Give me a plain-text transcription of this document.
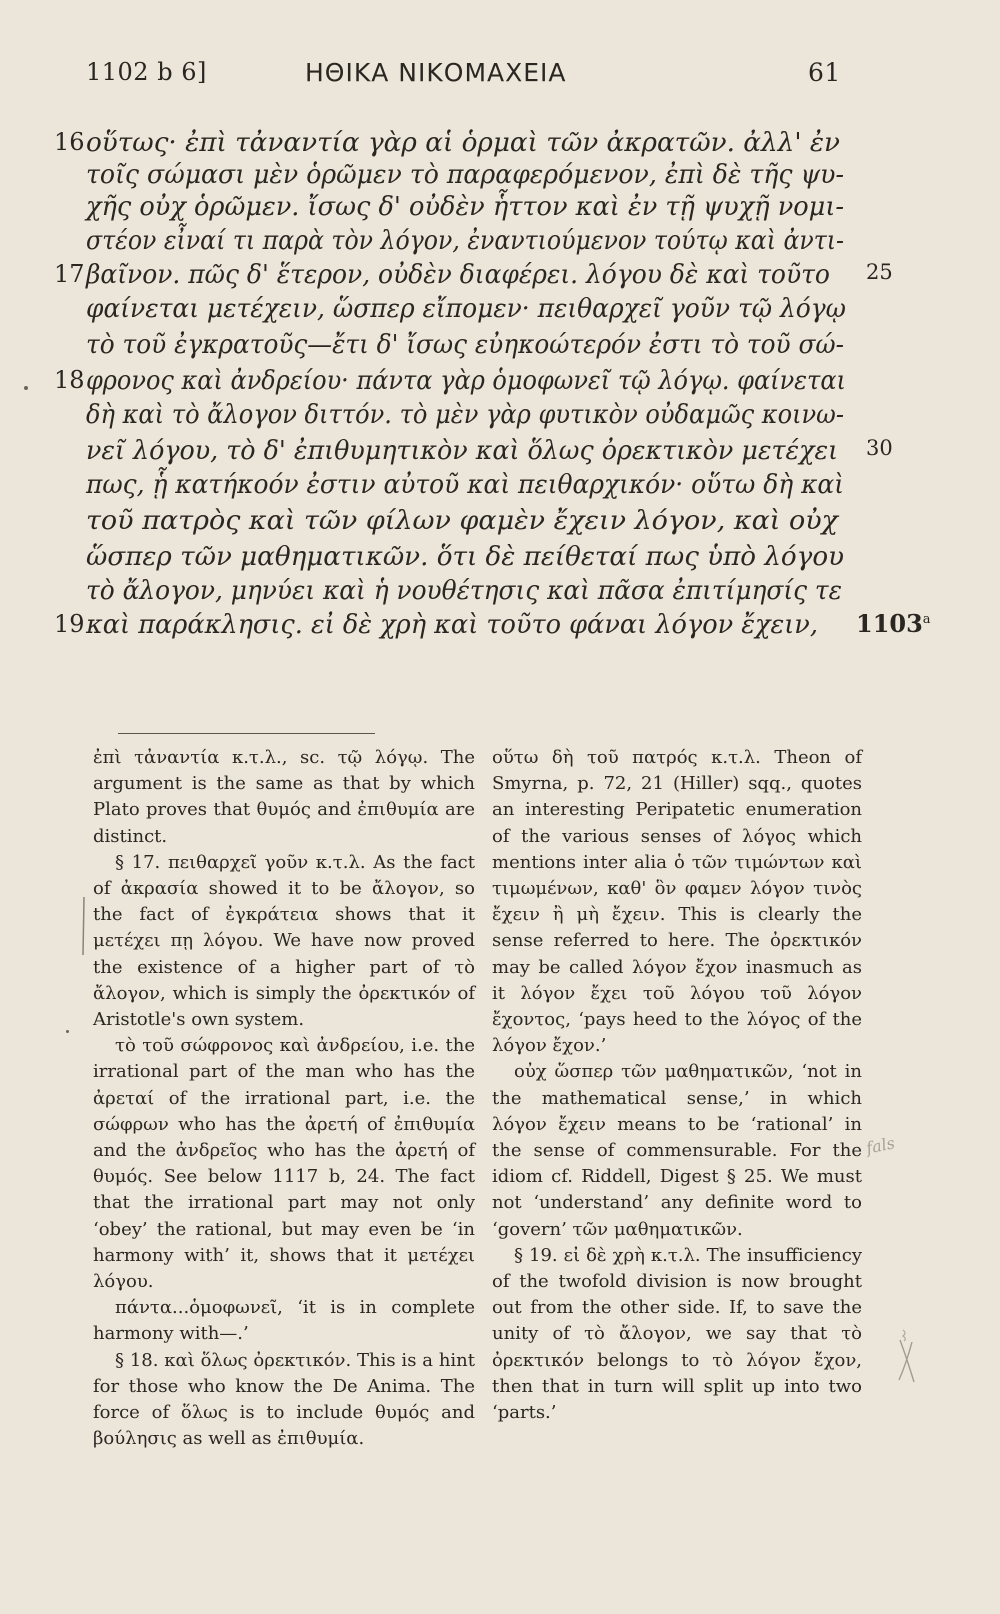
1102 b 6]	ΗΘΙΚΑ ΝΙΚΟΜΑΧΕΙΑ	61
16 οὕτως· ἐπὶ τἀναντία γὰρ αἱ ὁρμαὶ τῶν ἀκρατῶν. ἀλλ' ἐν
τοῖς σώμασι μὲν ὁρῶμεν τὸ παραφερόμενον, ἐπὶ δὲ τῆς ψυ-
χῆς οὐχ ὁρῶμεν. ἴσως δ' οὐδὲν ἧττον καὶ ἐν τῇ ψυχῇ νομι-
στέον εἶναί τι παρὰ τὸν λόγον, ἐναντιούμενον τούτῳ καὶ ἀντι-
17 βαῖνον. πῶς δ' ἕτερον, οὐδὲν διαφέρει. λόγου δὲ καὶ τοῦτο 25
φαίνεται μετέχειν, ὥσπερ εἴπομεν· πειθαρχεῖ γοῦν τῷ λόγῳ
τὸ τοῦ ἐγκρατοῦς—ἔτι δ' ἴσως εὐηκοώτερόν ἐστι τὸ τοῦ σώ-
18 φρονος καὶ ἀνδρείου· πάντα γὰρ ὁμοφωνεῖ τῷ λόγῳ. φαίνεται
δὴ καὶ τὸ ἄλογον διττόν. τὸ μὲν γὰρ φυτικὸν οὐδαμῶς κοινω-
νεῖ λόγου, τὸ δ' ἐπιθυμητικὸν καὶ ὅλως ὀρεκτικὸν μετέχει 30
πως, ᾗ κατήκοόν ἐστιν αὐτοῦ καὶ πειθαρχικόν· οὕτω δὴ καὶ
τοῦ πατρὸς καὶ τῶν φίλων φαμὲν ἔχειν λόγον, καὶ οὐχ
ὥσπερ τῶν μαθηματικῶν. ὅτι δὲ πείθεταί πως ὑπὸ λόγου
τὸ ἄλογον, μηνύει καὶ ἡ νουθέτησις καὶ πᾶσα ἐπιτίμησίς τε
19 καὶ παράκλησις. εἰ δὲ χρὴ καὶ τοῦτο φάναι λόγον ἔχειν, 1103$^a$

ἐπὶ τἀναντία κ.τ.λ., sc. τῷ λόγῳ. The argument is the same as that by which Plato proves that θυμός and ἐπιθυμία are distinct.

§ 17. πειθαρχεῖ γοῦν κ.τ.λ. As the fact of ἀκρασία showed it to be ἄλογον, so the fact of ἐγκράτεια shows that it μετέχει πῃ λόγου. We have now proved the existence of a higher part of τὸ ἄλογον, which is simply the ὀρεκτικόν of Aristotle's own system.

τὸ τοῦ σώφρονος καὶ ἀνδρείου, i.e. the irrational part of the man who has the ἀρεταί of the irrational part, i.e. the σώφρων who has the ἀρετή of ἐπιθυμία and the ἀνδρεῖος who has the ἀρετή of θυμός. See below 1117 b, 24. The fact that the irrational part may not only ‘obey’ the rational, but may even be ‘in harmony with’ it, shows that it μετέχει λόγου.

πάντα...ὁμοφωνεῖ, ‘it is in complete harmony with—.’

§ 18. καὶ ὅλως ὀρεκτικόν. This is a hint for those who know the De Anima. The force of ὅλως is to include θυμός and βούλησις as well as ἐπιθυμία.

οὕτω δὴ τοῦ πατρός κ.τ.λ. Theon of Smyrna, p. 72, 21 (Hiller) sqq., quotes an interesting Peripatetic enumeration of the various senses of λόγος which mentions inter alia ὁ τῶν τιμώντων καὶ τιμωμένων, καθ' ὃν φαμεν λόγον τινὸς ἔχειν ἢ μὴ ἔχειν. This is clearly the sense referred to here. The ὀρεκτικόν may be called λόγον ἔχον inasmuch as it λόγον ἔχει τοῦ λόγου τοῦ λόγον ἔχοντος, ‘pays heed to the λόγος of the λόγον ἔχον.’

οὐχ ὥσπερ τῶν μαθηματικῶν, ‘not in the mathematical sense,’ in which λόγον ἔχειν means to be ‘rational’ in the sense of commensurable. For the idiom cf. Riddell, Digest § 25. We must not ‘understand’ any definite word to ‘govern’ τῶν μαθηματικῶν.

§ 19. εἰ δὲ χρὴ κ.τ.λ. The insufficiency of the twofold division is now brought out from the other side. If, to save the unity of τὸ ἄλογον, we say that τὸ ὀρεκτικόν belongs to τὸ λόγον ἔχον, then that in turn will split up into two ‘parts.’

fals
